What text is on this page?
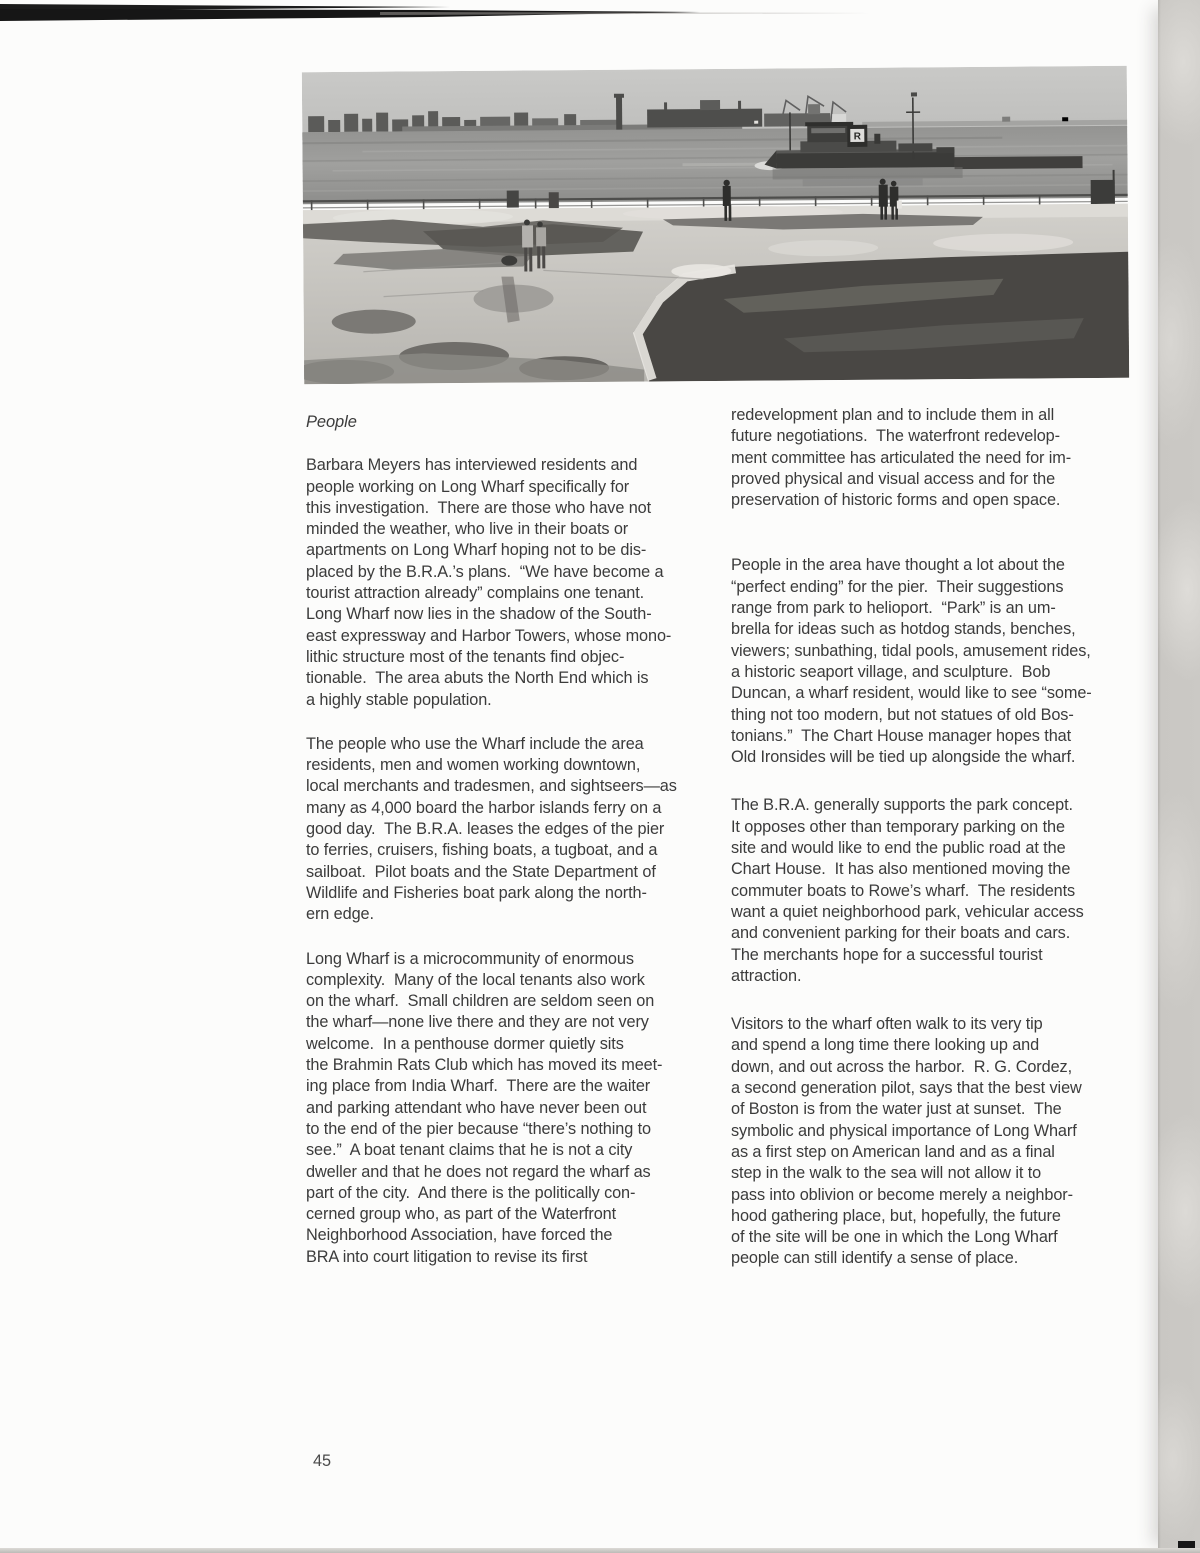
R
People
Barbara Meyers has interviewed residents and
people working on Long Wharf specifically for
this investigation.  There are those who have not
minded the weather, who live in their boats or
apartments on Long Wharf hoping not to be dis-
placed by the B.R.A.’s plans.  “We have become a
tourist attraction already” complains one tenant.
Long Wharf now lies in the shadow of the South-
east expressway and Harbor Towers, whose mono-
lithic structure most of the tenants find objec-
tionable.  The area abuts the North End which is
a highly stable population.
The people who use the Wharf include the area
residents, men and women working downtown,
local merchants and tradesmen, and sightseers—as
many as 4,000 board the harbor islands ferry on a
good day.  The B.R.A. leases the edges of the pier
to ferries, cruisers, fishing boats, a tugboat, and a
sailboat.  Pilot boats and the State Department of
Wildlife and Fisheries boat park along the north-
ern edge.
Long Wharf is a microcommunity of enormous
complexity.  Many of the local tenants also work
on the wharf.  Small children are seldom seen on
the wharf—none live there and they are not very
welcome.  In a penthouse dormer quietly sits
the Brahmin Rats Club which has moved its meet-
ing place from India Wharf.  There are the waiter
and parking attendant who have never been out
to the end of the pier because “there’s nothing to
see.”  A boat tenant claims that he is not a city
dweller and that he does not regard the wharf as
part of the city.  And there is the politically con-
cerned group who, as part of the Waterfront
Neighborhood Association, have forced the
BRA into court litigation to revise its first
redevelopment plan and to include them in all
future negotiations.  The waterfront redevelop-
ment committee has articulated the need for im-
proved physical and visual access and for the
preservation of historic forms and open space.
People in the area have thought a lot about the
“perfect ending” for the pier.  Their suggestions
range from park to helioport.  “Park” is an um-
brella for ideas such as hotdog stands, benches,
viewers; sunbathing, tidal pools, amusement rides,
a historic seaport village, and sculpture.  Bob
Duncan, a wharf resident, would like to see “some-
thing not too modern, but not statues of old Bos-
tonians.”  The Chart House manager hopes that
Old Ironsides will be tied up alongside the wharf.
The B.R.A. generally supports the park concept.
It opposes other than temporary parking on the
site and would like to end the public road at the
Chart House.  It has also mentioned moving the
commuter boats to Rowe’s wharf.  The residents
want a quiet neighborhood park, vehicular access
and convenient parking for their boats and cars.
The merchants hope for a successful tourist
attraction.
Visitors to the wharf often walk to its very tip
and spend a long time there looking up and
down, and out across the harbor.  R. G. Cordez,
a second generation pilot, says that the best view
of Boston is from the water just at sunset.  The
symbolic and physical importance of Long Wharf
as a first step on American land and as a final
step in the walk to the sea will not allow it to
pass into oblivion or become merely a neighbor-
hood gathering place, but, hopefully, the future
of the site will be one in which the Long Wharf
people can still identify a sense of place.
45
